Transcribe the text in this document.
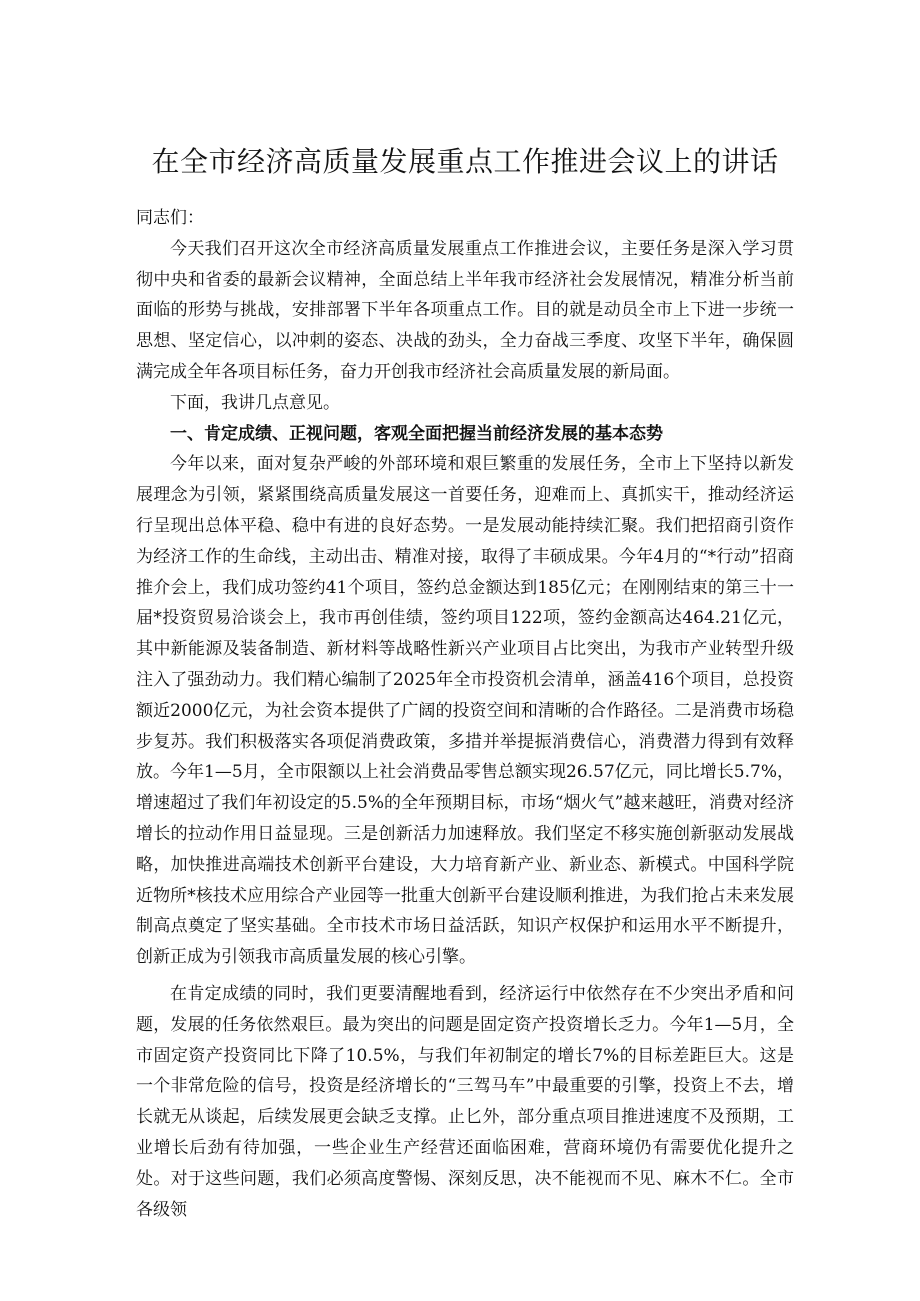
在全市经济高质量发展重点工作推进会议上的讲话

同志们：

今天我们召开这次全市经济高质量发展重点工作推进会议，主要任务是深入学习贯彻中央和省委的最新会议精神，全面总结上半年我市经济社会发展情况，精准分析当前面临的形势与挑战，安排部署下半年各项重点工作。目的就是动员全市上下进一步统一思想、坚定信心，以冲刺的姿态、决战的劲头，全力奋战三季度、攻坚下半年，确保圆满完成全年各项目标任务，奋力开创我市经济社会高质量发展的新局面。

下面，我讲几点意见。

一、肯定成绩、正视问题，客观全面把握当前经济发展的基本态势

今年以来，面对复杂严峻的外部环境和艰巨繁重的发展任务，全市上下坚持以新发展理念为引领，紧紧围绕高质量发展这一首要任务，迎难而上、真抓实干，推动经济运行呈现出总体平稳、稳中有进的良好态势。一是发展动能持续汇聚。我们把招商引资作为经济工作的生命线，主动出击、精准对接，取得了丰硕成果。今年4月的“*行动”招商推介会上，我们成功签约41个项目，签约总金额达到185亿元；在刚刚结束的第三十一届*投资贸易洽谈会上，我市再创佳绩，签约项目122项，签约金额高达464.21亿元，其中新能源及装备制造、新材料等战略性新兴产业项目占比突出，为我市产业转型升级注入了强劲动力。我们精心编制了2025年全市投资机会清单，涵盖416个项目，总投资额近2000亿元，为社会资本提供了广阔的投资空间和清晰的合作路径。二是消费市场稳步复苏。我们积极落实各项促消费政策，多措并举提振消费信心，消费潜力得到有效释放。今年1—5月，全市限额以上社会消费品零售总额实现26.57亿元，同比增长5.7%，增速超过了我们年初设定的5.5%的全年预期目标，市场“烟火气”越来越旺，消费对经济增长的拉动作用日益显现。三是创新活力加速释放。我们坚定不移实施创新驱动发展战略，加快推进高端技术创新平台建设，大力培育新产业、新业态、新模式。中国科学院近物所*核技术应用综合产业园等一批重大创新平台建设顺利推进，为我们抢占未来发展制高点奠定了坚实基础。全市技术市场日益活跃，知识产权保护和运用水平不断提升，创新正成为引领我市高质量发展的核心引擎。

在肯定成绩的同时，我们更要清醒地看到，经济运行中依然存在不少突出矛盾和问题，发展的任务依然艰巨。最为突出的问题是固定资产投资增长乏力。今年1—5月，全市固定资产投资同比下降了10.5%，与我们年初制定的增长7%的目标差距巨大。这是一个非常危险的信号，投资是经济增长的“三驾马车”中最重要的引擎，投资上不去，增长就无从谈起，后续发展更会缺乏支撑。止匕外，部分重点项目推进速度不及预期，工业增长后劲有待加强，一些企业生产经营还面临困难，营商环境仍有需要优化提升之处。对于这些问题，我们必须高度警惕、深刻反思，决不能视而不见、麻木不仁。全市各级领
